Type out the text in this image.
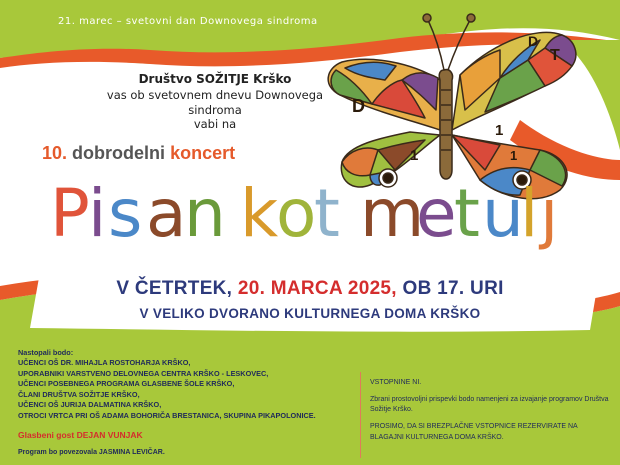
21. marec – svetovni dan Downovega sindroma
D
T
D
1
1
1
Društvo SOŽITJE Krško
vas ob svetovnem dnevu Downovega sindroma
vabi na
10. dobrodelni koncert
P
i s a
n k
o
t m
e
t u
l j
V ČETRTEK, 20. MARCA 2025, OB 17. URI
V VELIKO DVORANO KULTURNEGA DOMA KRŠKO
Nastopali bodo:
UČENCI OŠ DR. MIHAJLA ROSTOHARJA KRŠKO,
UPORABNIKI VARSTVENO DELOVNEGA CENTRA KRŠKO - LESKOVEC,
UČENCI POSEBNEGA PROGRAMA GLASBENE ŠOLE KRŠKO,
ČLANI DRUŠTVA SOŽITJE KRŠKO,
UČENCI OŠ JURIJA DALMATINA KRŠKO,
OTROCI VRTCA PRI OŠ ADAMA BOHORIČA BRESTANICA, SKUPINA PIKAPOLONICE.
Glasbeni gost DEJAN VUNJAK
Program bo povezovala JASMINA LEVIČAR.

VSTOPNINE NI.

Zbrani prostovoljni prispevki bodo namenjeni za izvajanje programov Društva Sožitje Krško.

PROSIMO, DA SI BREZPLAČNE VSTOPNICE REZERVIRATE NA BLAGAJNI KULTURNEGA DOMA KRŠKO.
